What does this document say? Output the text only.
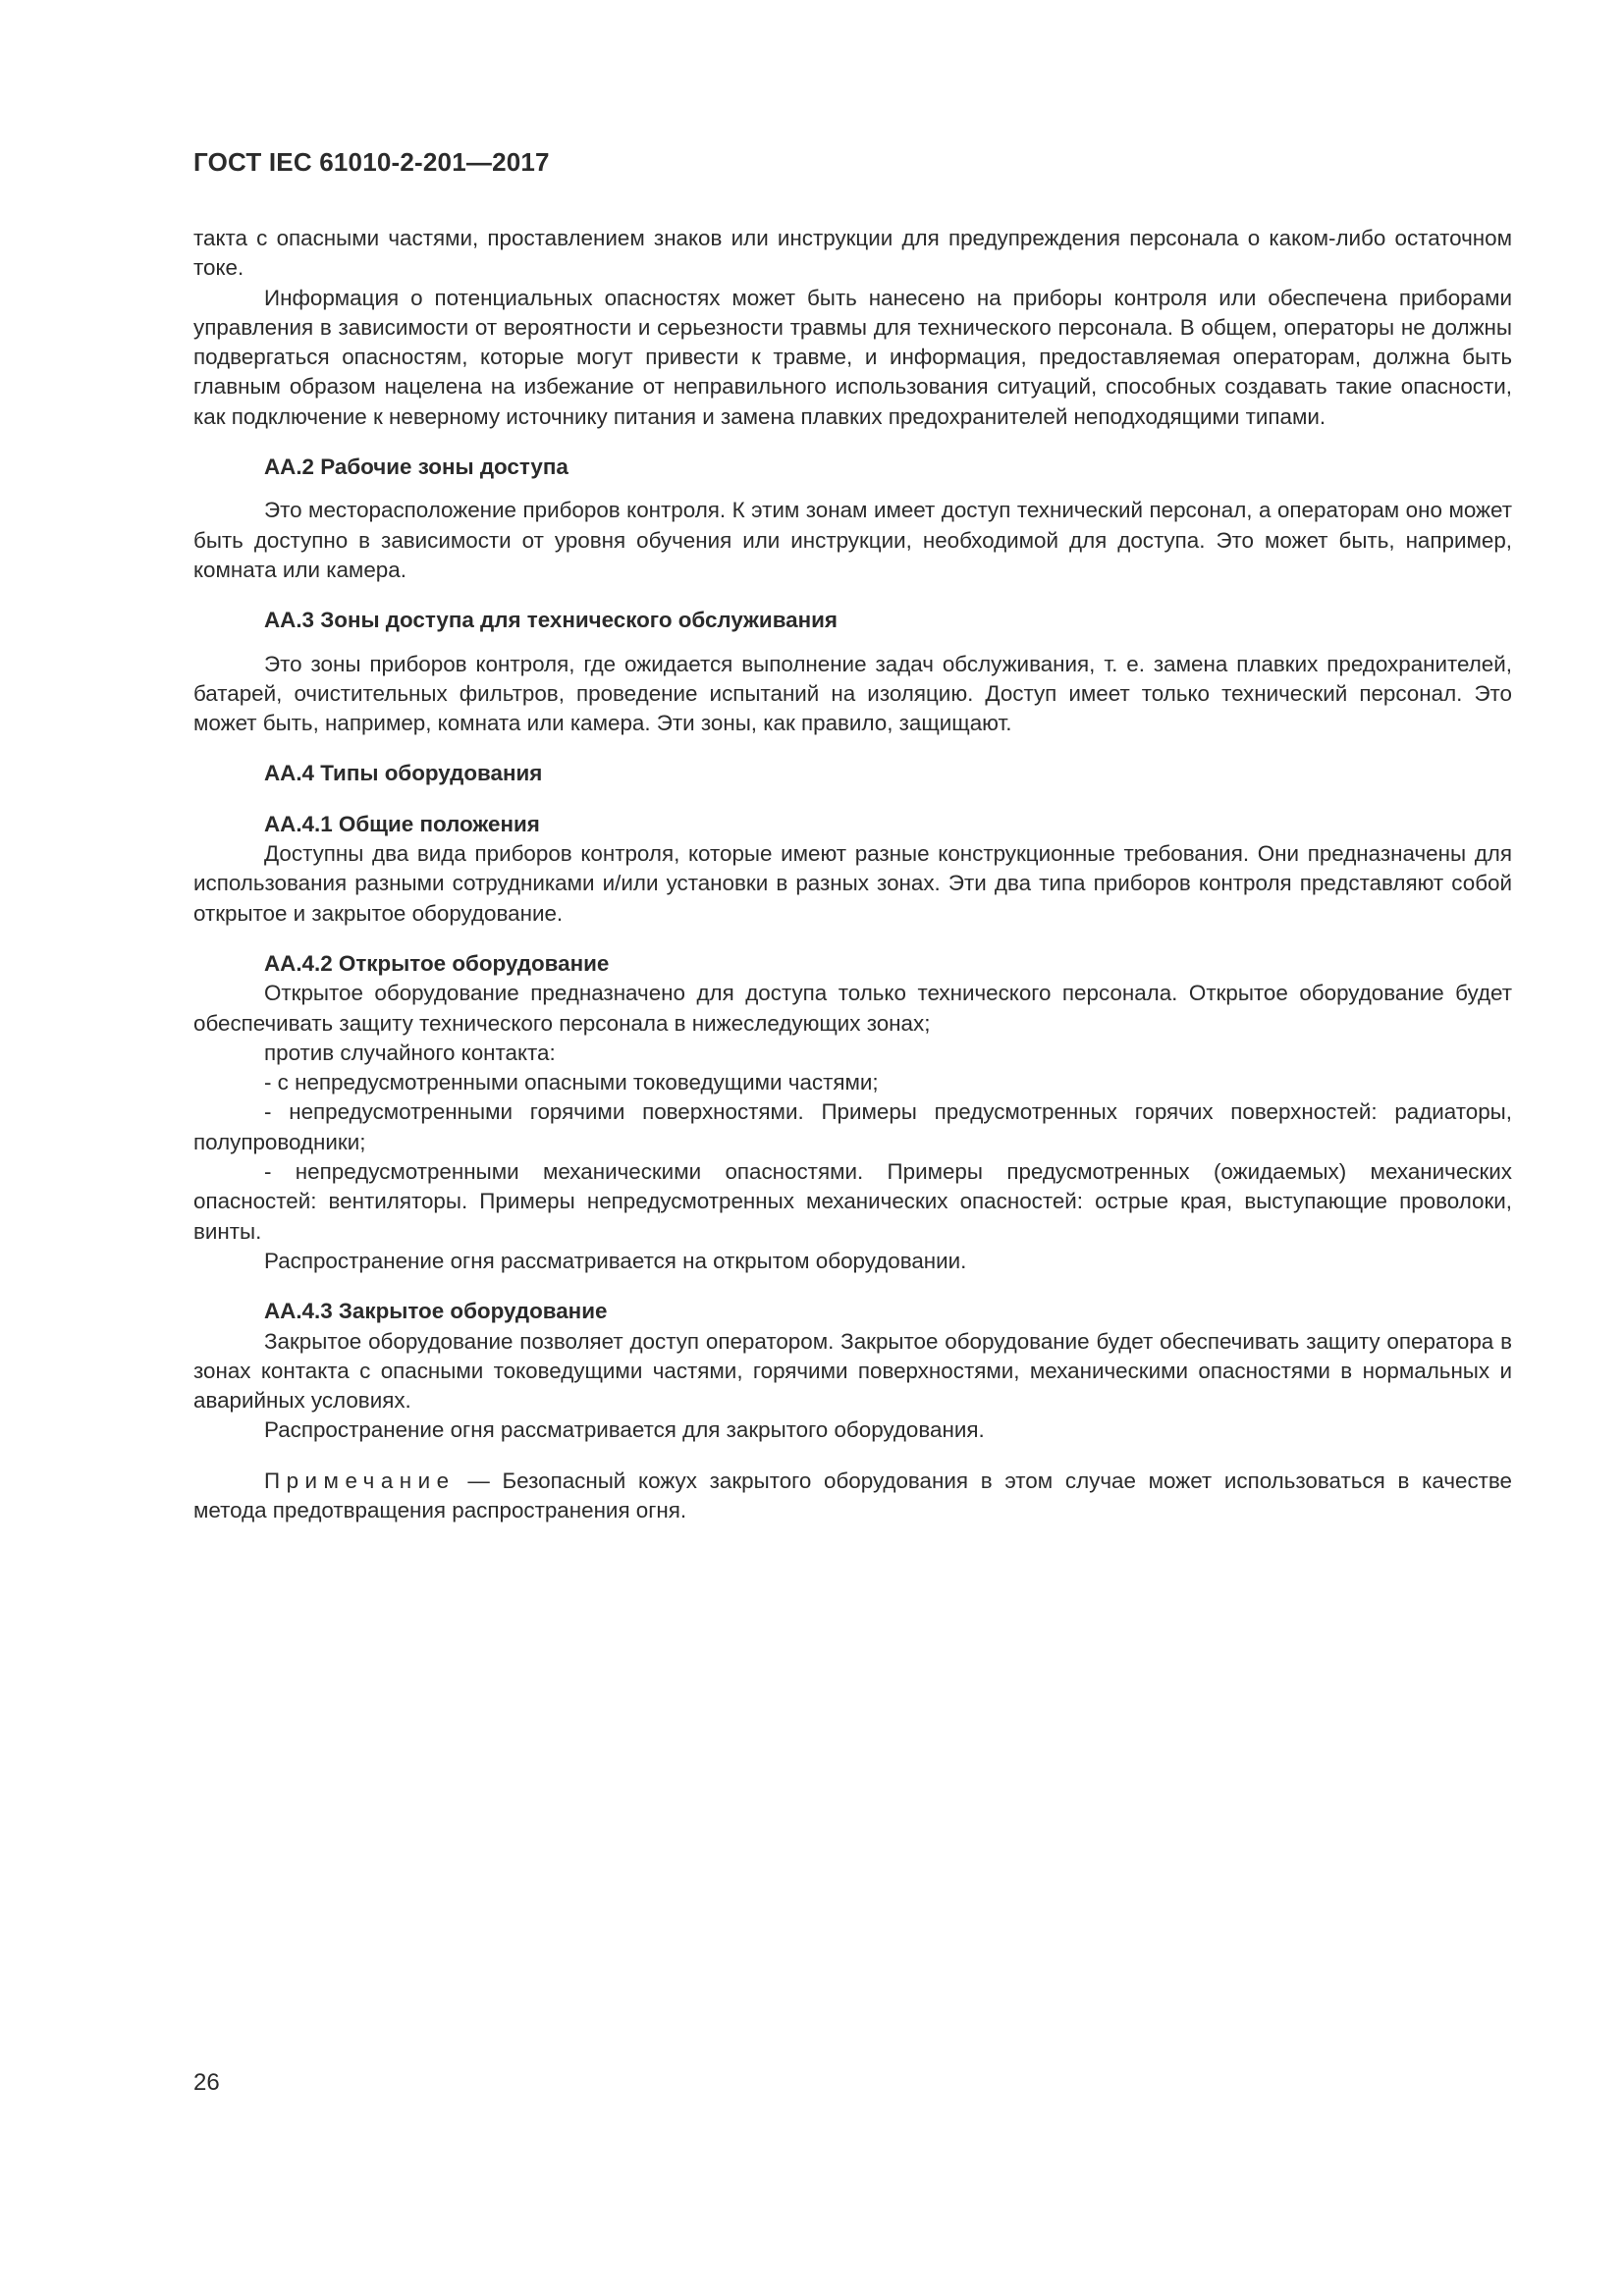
ГОСТ IEC 61010-2-201—2017

такта с опасными частями, проставлением знаков или инструкции для предупреждения персонала о каком-либо остаточном токе.

Информация о потенциальных опасностях может быть нанесено на приборы контроля или обеспечена приборами управления в зависимости от вероятности и серьезности травмы для технического персонала. В общем, операторы не должны подвергаться опасностям, которые могут привести к травме, и информация, предоставляемая операторам, должна быть главным образом нацелена на избежание от неправильного использования ситуаций, способных создавать такие опасности, как подключение к неверному источнику питания и замена плавких предохранителей неподходящими типами.

АА.2 Рабочие зоны доступа

Это месторасположение приборов контроля. К этим зонам имеет доступ технический персонал, а операторам оно может быть доступно в зависимости от уровня обучения или инструкции, необходимой для доступа. Это может быть, например, комната или камера.

АА.3 Зоны доступа для технического обслуживания

Это зоны приборов контроля, где ожидается выполнение задач обслуживания, т. е. замена плавких предохранителей, батарей, очистительных фильтров, проведение испытаний на изоляцию. Доступ имеет только технический персонал. Это может быть, например, комната или камера. Эти зоны, как правило, защищают.

АА.4 Типы оборудования

АА.4.1 Общие положения

Доступны два вида приборов контроля, которые имеют разные конструкционные требования. Они предназначены для использования разными сотрудниками и/или установки в разных зонах. Эти два типа приборов контроля представляют собой открытое и закрытое оборудование.

АА.4.2 Открытое оборудование

Открытое оборудование предназначено для доступа только технического персонала. Открытое оборудование будет обеспечивать защиту технического персонала в нижеследующих зонах;

против случайного контакта:

- с непредусмотренными опасными токоведущими частями;

- непредусмотренными горячими поверхностями. Примеры предусмотренных горячих поверхностей: радиаторы, полупроводники;

- непредусмотренными механическими опасностями. Примеры предусмотренных (ожидаемых) механических опасностей: вентиляторы. Примеры непредусмотренных механических опасностей: острые края, выступающие проволоки, винты.

Распространение огня рассматривается на открытом оборудовании.

АА.4.3 Закрытое оборудование

Закрытое оборудование позволяет доступ оператором. Закрытое оборудование будет обеспечивать защиту оператора в зонах контакта с опасными токоведущими частями, горячими поверхностями, механическими опасностями в нормальных и аварийных условиях.

Распространение огня рассматривается для закрытого оборудования.

Примечание — Безопасный кожух закрытого оборудования в этом случае может использоваться в качестве метода предотвращения распространения огня.

26
